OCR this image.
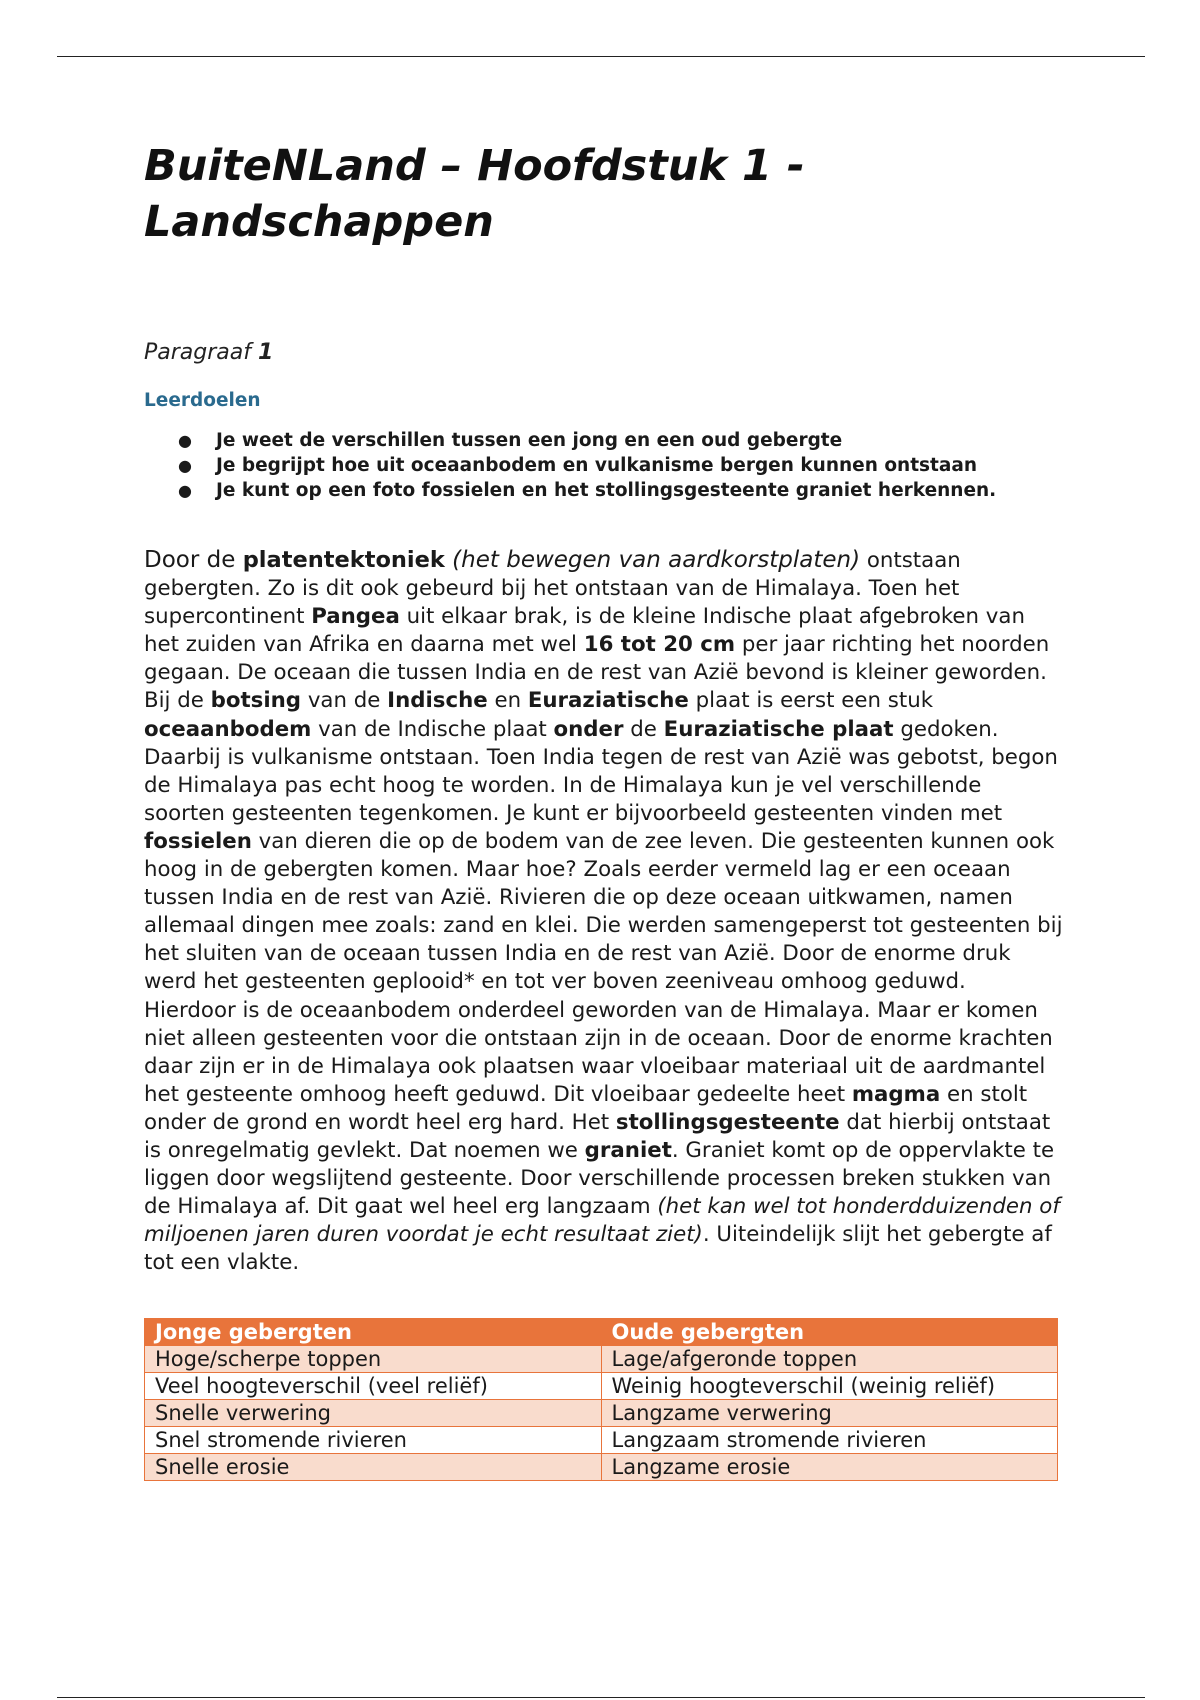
BuiteNLand – Hoofdstuk 1 - Landschappen
Paragraaf 1
Leerdoelen
● Je weet de verschillen tussen een jong en een oud gebergte
● Je begrijpt hoe uit oceaanbodem en vulkanisme bergen kunnen ontstaan
● Je kunt op een foto fossielen en het stollingsgesteente graniet herkennen.

Door de platentektoniek (het bewegen van aardkorstplaten) ontstaan gebergten. Zo is dit ook gebeurd bij het ontstaan van de Himalaya. Toen het supercontinent Pangea uit elkaar brak, is de kleine Indische plaat afgebroken van het zuiden van Afrika en daarna met wel 16 tot 20 cm per jaar richting het noorden gegaan. De oceaan die tussen India en de rest van Azië bevond is kleiner geworden. Bij de botsing van de Indische en Euraziatische plaat is eerst een stuk oceaanbodem van de Indische plaat onder de Euraziatische plaat gedoken. Daarbij is vulkanisme ontstaan. Toen India tegen de rest van Azië was gebotst, begon de Himalaya pas echt hoog te worden. In de Himalaya kun je vel verschillende soorten gesteenten tegenkomen. Je kunt er bijvoorbeeld gesteenten vinden met fossielen van dieren die op de bodem van de zee leven. Die gesteenten kunnen ook hoog in de gebergten komen. Maar hoe? Zoals eerder vermeld lag er een oceaan tussen India en de rest van Azië. Rivieren die op deze oceaan uitkwamen, namen allemaal dingen mee zoals: zand en klei. Die werden samengeperst tot gesteenten bij het sluiten van de oceaan tussen India en de rest van Azië. Door de enorme druk werd het gesteenten geplooid* en tot ver boven zeeniveau omhoog geduwd. Hierdoor is de oceaanbodem onderdeel geworden van de Himalaya. Maar er komen niet alleen gesteenten voor die ontstaan zijn in de oceaan. Door de enorme krachten daar zijn er in de Himalaya ook plaatsen waar vloeibaar materiaal uit de aardmantel het gesteente omhoog heeft geduwd. Dit vloeibaar gedeelte heet magma en stolt onder de grond en wordt heel erg hard. Het stollingsgesteente dat hierbij ontstaat is onregelmatig gevlekt. Dat noemen we graniet. Graniet komt op de oppervlakte te liggen door wegslijtend gesteente. Door verschillende processen breken stukken van de Himalaya af. Dit gaat wel heel erg langzaam (het kan wel tot honderdduizenden of miljoenen jaren duren voordat je echt resultaat ziet). Uiteindelijk slijt het gebergte af tot een vlakte.

Jonge gebergten	Oude gebergten
Hoge/scherpe toppen	Lage/afgeronde toppen
Veel hoogteverschil (veel reliëf)	Weinig hoogteverschil (weinig reliëf)
Snelle verwering	Langzame verwering
Snel stromende rivieren	Langzaam stromende rivieren
Snelle erosie	Langzame erosie
